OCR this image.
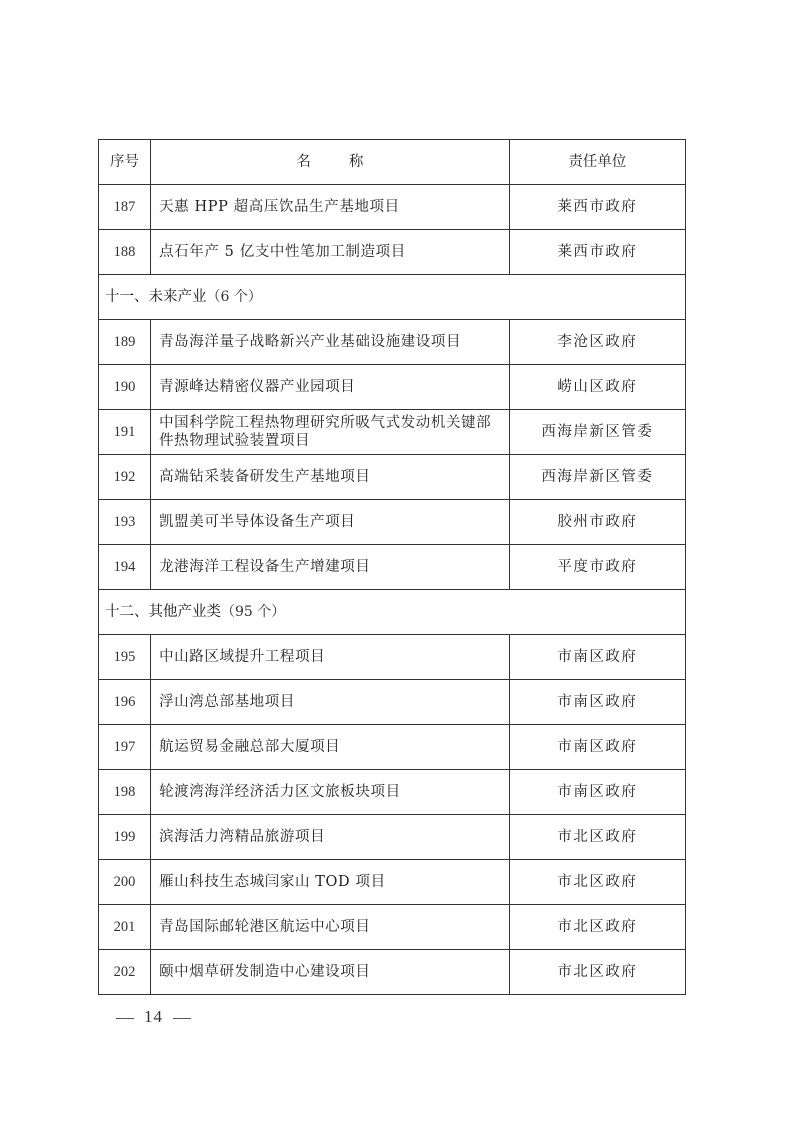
序号	名 称	责任单位
187	天惠 HPP 超高压饮品生产基地项目	莱西市政府
188	点石年产 5 亿支中性笔加工制造项目	莱西市政府
十一、未来产业（6 个）		
189	青岛海洋量子战略新兴产业基础设施建设项目	李沧区政府
190	青源峰达精密仪器产业园项目	崂山区政府
191	中国科学院工程热物理研究所吸气式发动机关键部件热物理试验装置项目	西海岸新区管委
192	高端钻采装备研发生产基地项目	西海岸新区管委
193	凯盟美可半导体设备生产项目	胶州市政府
194	龙港海洋工程设备生产增建项目	平度市政府
十二、其他产业类（95 个）		
195	中山路区域提升工程项目	市南区政府
196	浮山湾总部基地项目	市南区政府
197	航运贸易金融总部大厦项目	市南区政府
198	轮渡湾海洋经济活力区文旅板块项目	市南区政府
199	滨海活力湾精品旅游项目	市北区政府
200	雁山科技生态城闫家山 TOD 项目	市北区政府
201	青岛国际邮轮港区航运中心项目	市北区政府
202	颐中烟草研发制造中心建设项目	市北区政府
14
